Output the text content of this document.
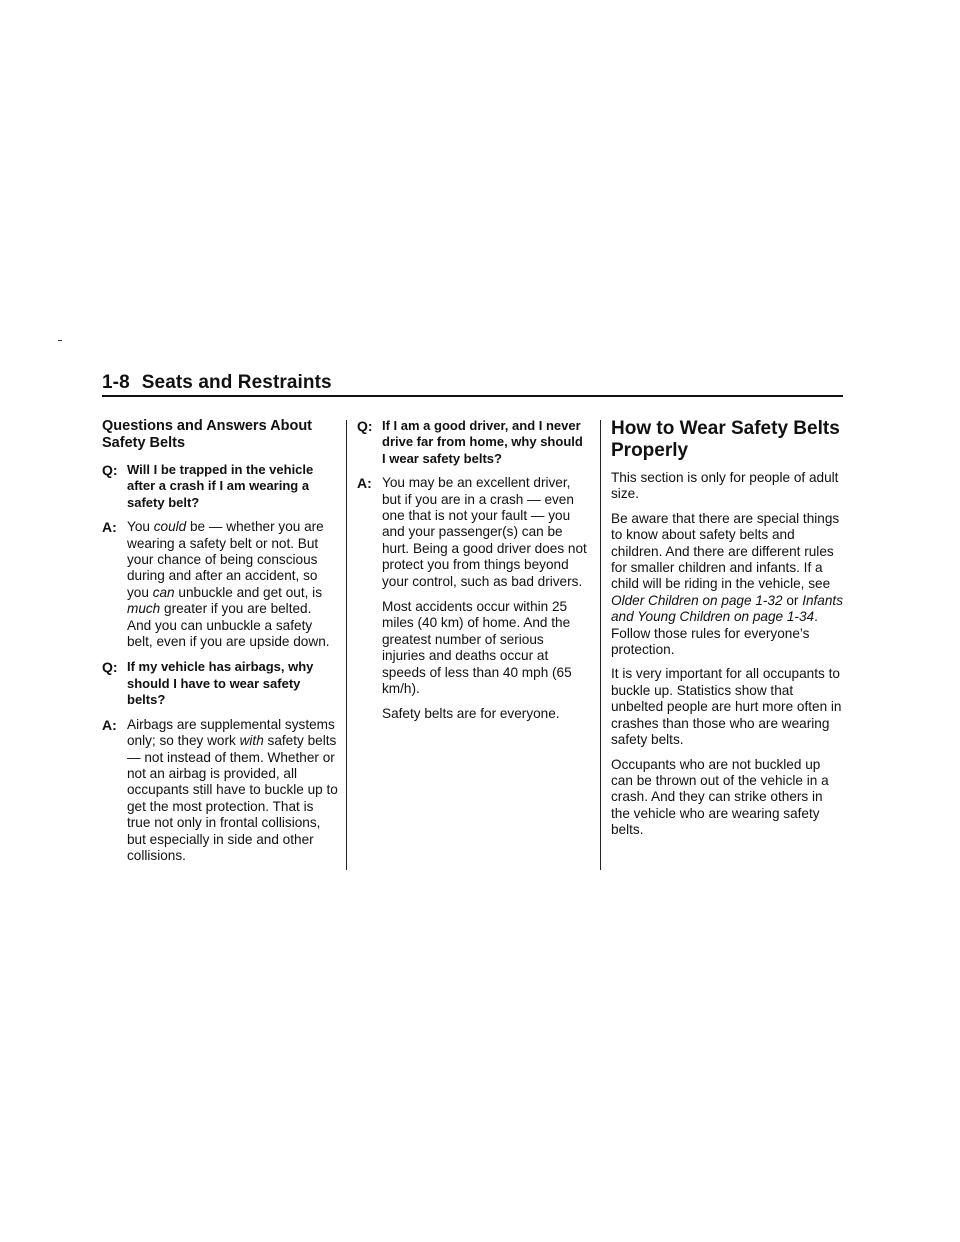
1-8 Seats and Restraints
Questions and Answers About Safety Belts
Q: Will I be trapped in the vehicle after a crash if I am wearing a safety belt?
A: You could be — whether you are wearing a safety belt or not. But your chance of being conscious during and after an accident, so you can unbuckle and get out, is much greater if you are belted. And you can unbuckle a safety belt, even if you are upside down.
Q: If my vehicle has airbags, why should I have to wear safety belts?
A: Airbags are supplemental systems only; so they work with safety belts — not instead of them. Whether or not an airbag is provided, all occupants still have to buckle up to get the most protection. That is true not only in frontal collisions, but especially in side and other collisions.
Q: If I am a good driver, and I never drive far from home, why should I wear safety belts?
A: You may be an excellent driver, but if you are in a crash — even one that is not your fault — you and your passenger(s) can be hurt. Being a good driver does not protect you from things beyond your control, such as bad drivers.
Most accidents occur within 25 miles (40 km) of home. And the greatest number of serious injuries and deaths occur at speeds of less than 40 mph (65 km/h).
Safety belts are for everyone.
How to Wear Safety Belts Properly

This section is only for people of adult size.

Be aware that there are special things to know about safety belts and children. And there are different rules for smaller children and infants. If a child will be riding in the vehicle, see Older Children on page 1-32 or Infants and Young Children on page 1-34. Follow those rules for everyone’s protection.

It is very important for all occupants to buckle up. Statistics show that unbelted people are hurt more often in crashes than those who are wearing safety belts.

Occupants who are not buckled up can be thrown out of the vehicle in a crash. And they can strike others in the vehicle who are wearing safety belts.
